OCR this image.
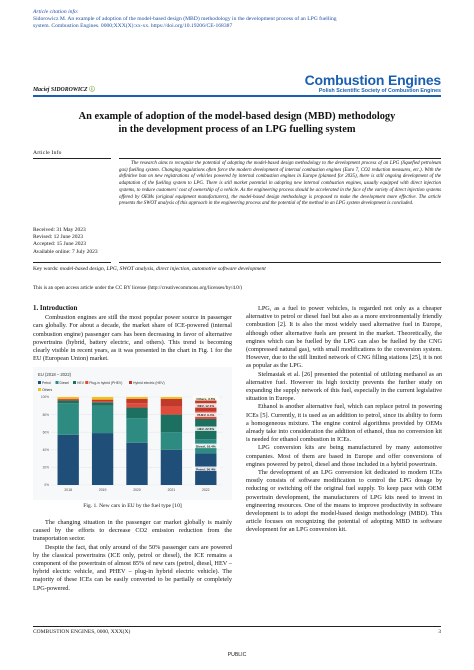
Article citation info:
Sidorowicz M. An example of adoption of the model-based design (MBD) methodology in the development process of an LPG fuelling
system. Combustion Engines. 0000;XXX(X):xx-xx. https://doi.org/10.19206/CE-168387
Maciej SIDOROWICZ ⓘ
Combustion Engines
Polish Scientific Society of Combustion Engines
An example of adoption of the model-based design (MBD) methodology
in the development process of an LPG fuelling system
Article Info
The research aims to recognize the potential of adopting the model-based design methodology to the development process of an LPG (liquefied petroleum gas) fuelling system. Changing regulations often force the modern development of internal combustion engines (Euro 7, CO2 reduction measures, etc.). With the definitive ban on new registrations of vehicles powered by internal combustion engines in Europe (planned for 2035), there is still ongoing development of the adaptation of the fuelling system to LPG. There is still market potential in adopting new internal combustion engines, usually equipped with direct injection systems, to reduce customers' cost of ownership of a vehicle. As the engineering process should be accelerated in the face of the variety of direct injection systems offered by OEMs (original equipment manufacturers), the model-based design methodology is proposed to make the development more effective. The article presents the SWOT analysis of this approach in the engineering process and the potential of the method in an LPG system development is concluded.
Received: 31 May 2023
Revised: 12 June 2023
Accepted: 15 June 2023
Available online: 7 July 2023
Key words: model-based design, LPG, SWOT analysis, direct injection, automotive software development
This is an open access article under the CC BY license (http://creativecommons.org/licenses/by/4.0/)
1. Introduction

Combustion engines are still the most popular power source in passenger cars globally. For about a decade, the market share of ICE-powered (internal combustion engine) passenger cars has been decreasing in favor of alternative powertrains (hybrid, battery electric, and others). This trend is becoming clearly visible in recent years, as it was presented in the chart in Fig. 1 for the EU (European Union) market.

EU (2018 – 2022)
Petrol	Diesel HEV Plug-in hybrid (PHEV)	Hybrid electric (HEV)
Others
0%
20%
40%
60%
80%
100%
2018	2019	2020	2021	2022
Others, 3.5%
BEV, 12.1%
PHEV, 9.4%
HEV, 22.6%
Diesel, 16.4%
Petrol, 36.4%
Fig. 1. New cars in EU by the fuel type [10]

The changing situation in the passenger car market globally is mainly caused by the efforts to decrease CO2 emission reduction from the transportation sector.

Despite the fact, that only around of the 50% passenger cars are powered by the classical powertrains (ICE only, petrol or diesel), the ICE remains a component of the powertrain of almost 85% of new cars (petrol, diesel, HEV – hybrid electric vehicle, and PHEV – plug-in hybrid electric vehicle). The majority of these ICEs can be easily converted to be partially or completely LPG-powered.

LPG, as a fuel to power vehicles, is regarded not only as a cheaper alternative to petrol or diesel fuel but also as a more environmentally friendly combustion [2]. It is also the most widely used alternative fuel in Europe, although other alternative fuels are present in the market. Theoretically, the engines which can be fuelled by the LPG can also be fuelled by the CNG (compressed natural gas), with small modifications to the conversion system. However, due to the still limited network of CNG filling stations [25], it is not as popular as the LPG.

Stelmasiak et al. [26] presented the potential of utilizing methanol as an alternative fuel. However its high toxicity prevents the further study on expanding the supply network of this fuel, especially in the current legislative situation in Europe.

Ethanol is another alternative fuel, which can replace petrol in powering ICEs [5]. Currently, it is used as an addition to petrol, since its ability to form a homogeneous mixture. The engine control algorithms provided by OEMs already take into consideration the addition of ethanol, thus no conversion kit is needed for ethanol combustion in ICEs.

LPG conversion kits are being manufactured by many automotive companies. Most of them are based in Europe and offer conversions of engines powered by petrol, diesel and those included in a hybrid powertrain.

The development of an LPG conversion kit dedicated to modern ICEs mostly consists of software modification to control the LPG dosage by reducing or switching off the original fuel supply. To keep pace with OEM powertrain development, the manufacturers of LPG kits need to invest in engineering resources. One of the means to improve productivity in software development is to adopt the model-based design methodology (MBD). This article focuses on recognizing the potential of adopting MBD in software development for an LPG conversion kit.

COMBUSTION ENGINES, 0000, XXX(X)	3
PUBLIC
